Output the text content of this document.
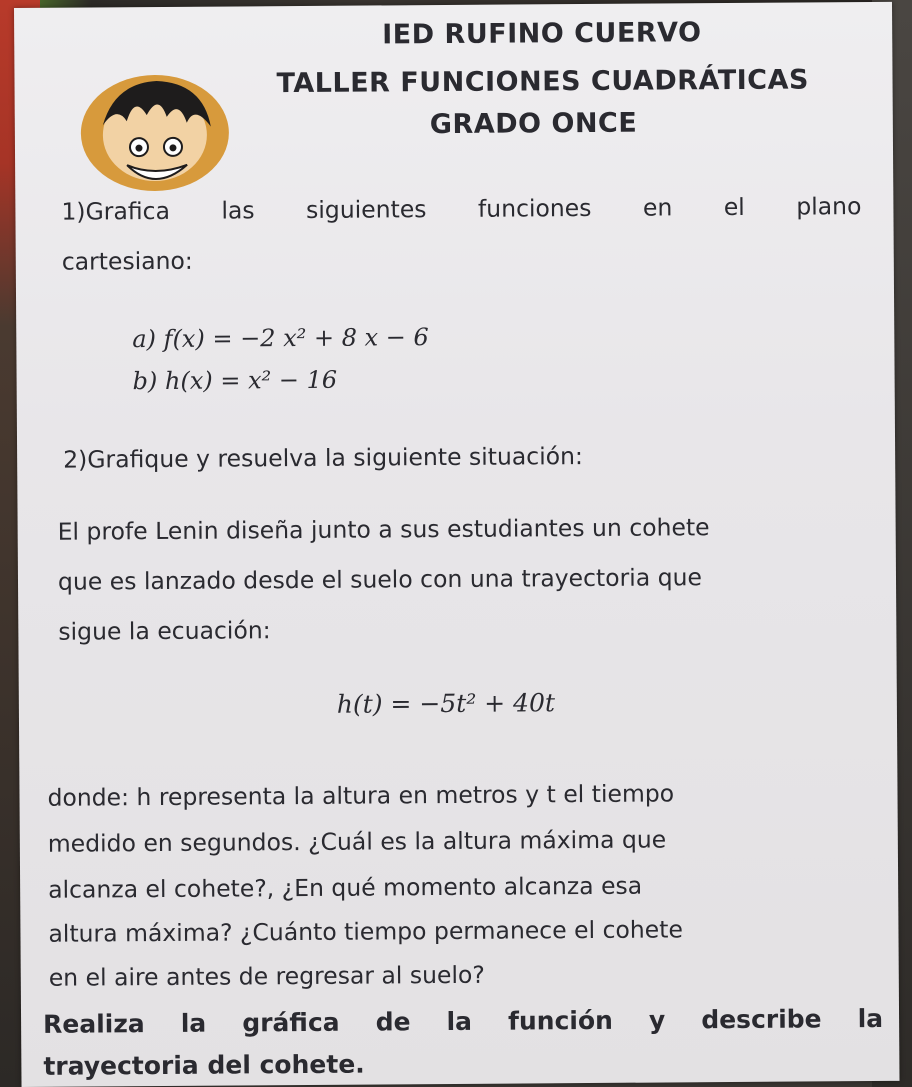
IED RUFINO CUERVO
TALLER FUNCIONES CUADRÁTICAS
GRADO ONCE
1)Grafica las siguientes funciones en el plano
cartesiano:
a) f(x) = −2 x² + 8 x − 6
b) h(x) = x² − 16
2)Grafique y resuelva la siguiente situación:
El profe Lenin diseña junto a sus estudiantes un cohete
que es lanzado desde el suelo con una trayectoria que
sigue la ecuación:
h(t) = −5t² + 40t
donde: h representa la altura en metros y t el tiempo
medido en segundos. ¿Cuál es la altura máxima que
alcanza el cohete?, ¿En qué momento alcanza esa
altura máxima? ¿Cuánto tiempo permanece el cohete
en el aire antes de regresar al suelo?
Realiza la gráfica de la función y describe la
trayectoria del cohete.
